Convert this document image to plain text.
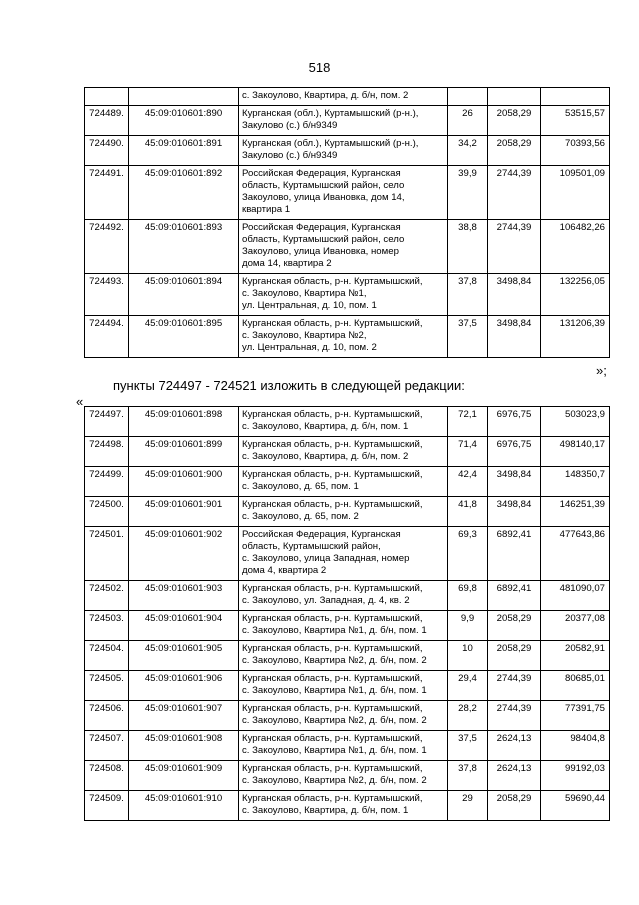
518

		с. Закоулово, Квартира, д. б/н, пом. 2			

724489.	45:09:010601:890	Курганская (обл.), Куртамышский (р-н.),
Закулово (с.) б/н9349	26	2058,29	53515,57
724490.	45:09:010601:891	Курганская (обл.), Куртамышский (р-н.),
Закулово (с.) б/н9349	34,2	2058,29	70393,56
724491.	45:09:010601:892	Российская Федерация, Курганская
область, Куртамышский район, село
Закоулово, улица Ивановка, дом 14,
квартира 1	39,9	2744,39	109501,09
724492.	45:09:010601:893	Российская Федерация, Курганская
область, Куртамышский район, село
Закоулово, улица Ивановка, номер
дома 14, квартира 2	38,8	2744,39	106482,26
724493.	45:09:010601:894	Курганская область, р-н. Куртамышский,
с. Закоулово, Квартира №1,
ул. Центральная, д. 10, пом. 1	37,8	3498,84	132256,05
724494.	45:09:010601:895	Курганская область, р-н. Куртамышский,
с. Закоулово, Квартира №2,
ул. Центральная, д. 10, пом. 2	37,5	3498,84	131206,39
»;
пункты 724497 - 724521 изложить в следующей редакции:
«
724497.	45:09:010601:898	Курганская область, р-н. Куртамышский,
с. Закоулово, Квартира, д. б/н, пом. 1	72,1	6976,75	503023,9
724498.	45:09:010601:899	Курганская область, р-н. Куртамышский,
с. Закоулово, Квартира, д. б/н, пом. 2	71,4	6976,75	498140,17
724499.	45:09:010601:900	Курганская область, р-н. Куртамышский,
с. Закоулово, д. 65, пом. 1	42,4	3498,84	148350,7
724500.	45:09:010601:901	Курганская область, р-н. Куртамышский,
с. Закоулово, д. 65, пом. 2	41,8	3498,84	146251,39
724501.	45:09:010601:902	Российская Федерация, Курганская
область, Куртамышский район,
с. Закоулово, улица Западная, номер
дома 4, квартира 2	69,3	6892,41	477643,86
724502.	45:09:010601:903	Курганская область, р-н. Куртамышский,
с. Закоулово, ул. Западная, д. 4, кв. 2	69,8	6892,41	481090,07
724503.	45:09:010601:904	Курганская область, р-н. Куртамышский,
с. Закоулово, Квартира №1, д. б/н, пом. 1	9,9	2058,29	20377,08
724504.	45:09:010601:905	Курганская область, р-н. Куртамышский,
с. Закоулово, Квартира №2, д. б/н, пом. 2	10	2058,29	20582,91
724505.	45:09:010601:906	Курганская область, р-н. Куртамышский,
с. Закоулово, Квартира №1, д. б/н, пом. 1	29,4	2744,39	80685,01
724506.	45:09:010601:907	Курганская область, р-н. Куртамышский,
с. Закоулово, Квартира №2, д. б/н, пом. 2	28,2	2744,39	77391,75
724507.	45:09:010601:908	Курганская область, р-н. Куртамышский,
с. Закоулово, Квартира №1, д. б/н, пом. 1	37,5	2624,13	98404,8
724508.	45:09:010601:909	Курганская область, р-н. Куртамышский,
с. Закоулово, Квартира №2, д. б/н, пом. 2	37,8	2624,13	99192,03
724509.	45:09:010601:910	Курганская область, р-н. Куртамышский,
с. Закоулово, Квартира, д. б/н, пом. 1	29	2058,29	59690,44
